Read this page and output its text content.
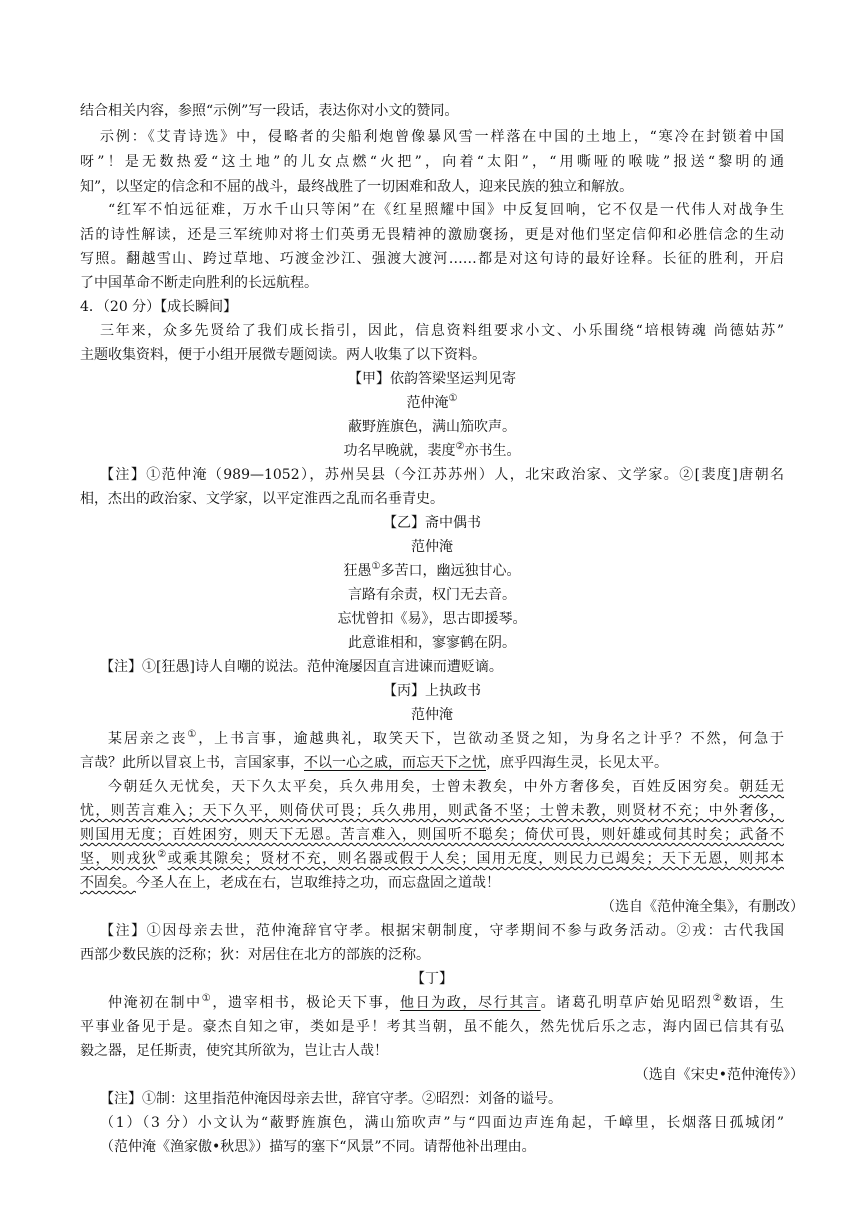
结合相关内容，参照“示例”写一段话，表达你对小文的赞同。
示例：《艾青诗选》中，侵略者的尖船利炮曾像暴风雪一样落在中国的土地上，“寒冷在封锁着中国
呀”！是无数热爱“这土地”的儿女点燃“火把”，向着“太阳”，“用嘶哑的喉咙”报送“黎明的通
知”，以坚定的信念和不屈的战斗，最终战胜了一切困难和敌人，迎来民族的独立和解放。
“红军不怕远征难，万水千山只等闲”在《红星照耀中国》中反复回响，它不仅是一代伟人对战争生
活的诗性解读，还是三军统帅对将士们英勇无畏精神的激励褒扬，更是对他们坚定信仰和必胜信念的生动
写照。翻越雪山、跨过草地、巧渡金沙江、强渡大渡河……都是对这句诗的最好诠释。长征的胜利，开启
了中国革命不断走向胜利的长远航程。
4．（20 分）【成长瞬间】
三年来，众多先贤给了我们成长指引，因此，信息资料组要求小文、小乐围绕“培根铸魂 尚德姑苏”
主题收集资料，便于小组开展微专题阅读。两人收集了以下资料。
【甲】依韵答梁坚运判见寄
范仲淹①
蔽野旌旗色，满山笳吹声。
功名早晚就，裴度②亦书生。
【注】①范仲淹（989—1052），苏州吴县（今江苏苏州）人，北宋政治家、文学家。②[裴度]唐朝名
相，杰出的政治家、文学家，以平定淮西之乱而名垂青史。
【乙】斋中偶书
范仲淹
狂愚①多苦口，幽远独甘心。
言路有余责，权门无去音。
忘忧曾扣《易》，思古即援琴。
此意谁相和，寥寥鹤在阴。
【注】①[狂愚]诗人自嘲的说法。范仲淹屡因直言进谏而遭贬谪。
【丙】上执政书
范仲淹
某居亲之丧①，上书言事，逾越典礼，取笑天下，岂欲动圣贤之知，为身名之计乎？不然，何急于
言哉？此所以冒哀上书，言国家事，不以一心之戚，而忘天下之忧，庶乎四海生灵，长见太平。
今朝廷久无忧矣，天下久太平矣，兵久弗用矣，士曾未教矣，中外方奢侈矣，百姓反困穷矣。朝廷无
忧，则苦言难入；天下久平，则倚伏可畏；兵久弗用，则武备不坚；士曾未教，则贤材不充；中外奢侈，
则国用无度；百姓困穷，则天下无恩。苦言难入，则国听不聪矣；倚伏可畏，则奸雄或伺其时矣；武备不
坚，则戎狄②或乘其隙矣；贤材不充，则名器或假于人矣；国用无度，则民力已竭矣；天下无恩，则邦本
不固矣。今圣人在上，老成在右，岂取维持之功，而忘盘固之道哉！
（选自《范仲淹全集》，有删改）
【注】①因母亲去世，范仲淹辞官守孝。根据宋朝制度，守孝期间不参与政务活动。②戎：古代我国
西部少数民族的泛称；狄：对居住在北方的部族的泛称。
【丁】
仲淹初在制中①，遗宰相书，极论天下事，他日为政，尽行其言。诸葛孔明草庐始见昭烈②数语，生
平事业备见于是。豪杰自知之审，类如是乎！考其当朝，虽不能久，然先忧后乐之志，海内固已信其有弘
毅之器，足任斯责，使究其所欲为，岂让古人哉！
（选自《宋史•范仲淹传》）
【注】①制：这里指范仲淹因母亲去世，辞官守孝。②昭烈：刘备的谥号。
（1）（3 分）小文认为“蔽野旌旗色，满山笳吹声”与“四面边声连角起，千嶂里，长烟落日孤城闭”
（范仲淹《渔家傲•秋思》）描写的塞下“风景”不同。请帮他补出理由。
